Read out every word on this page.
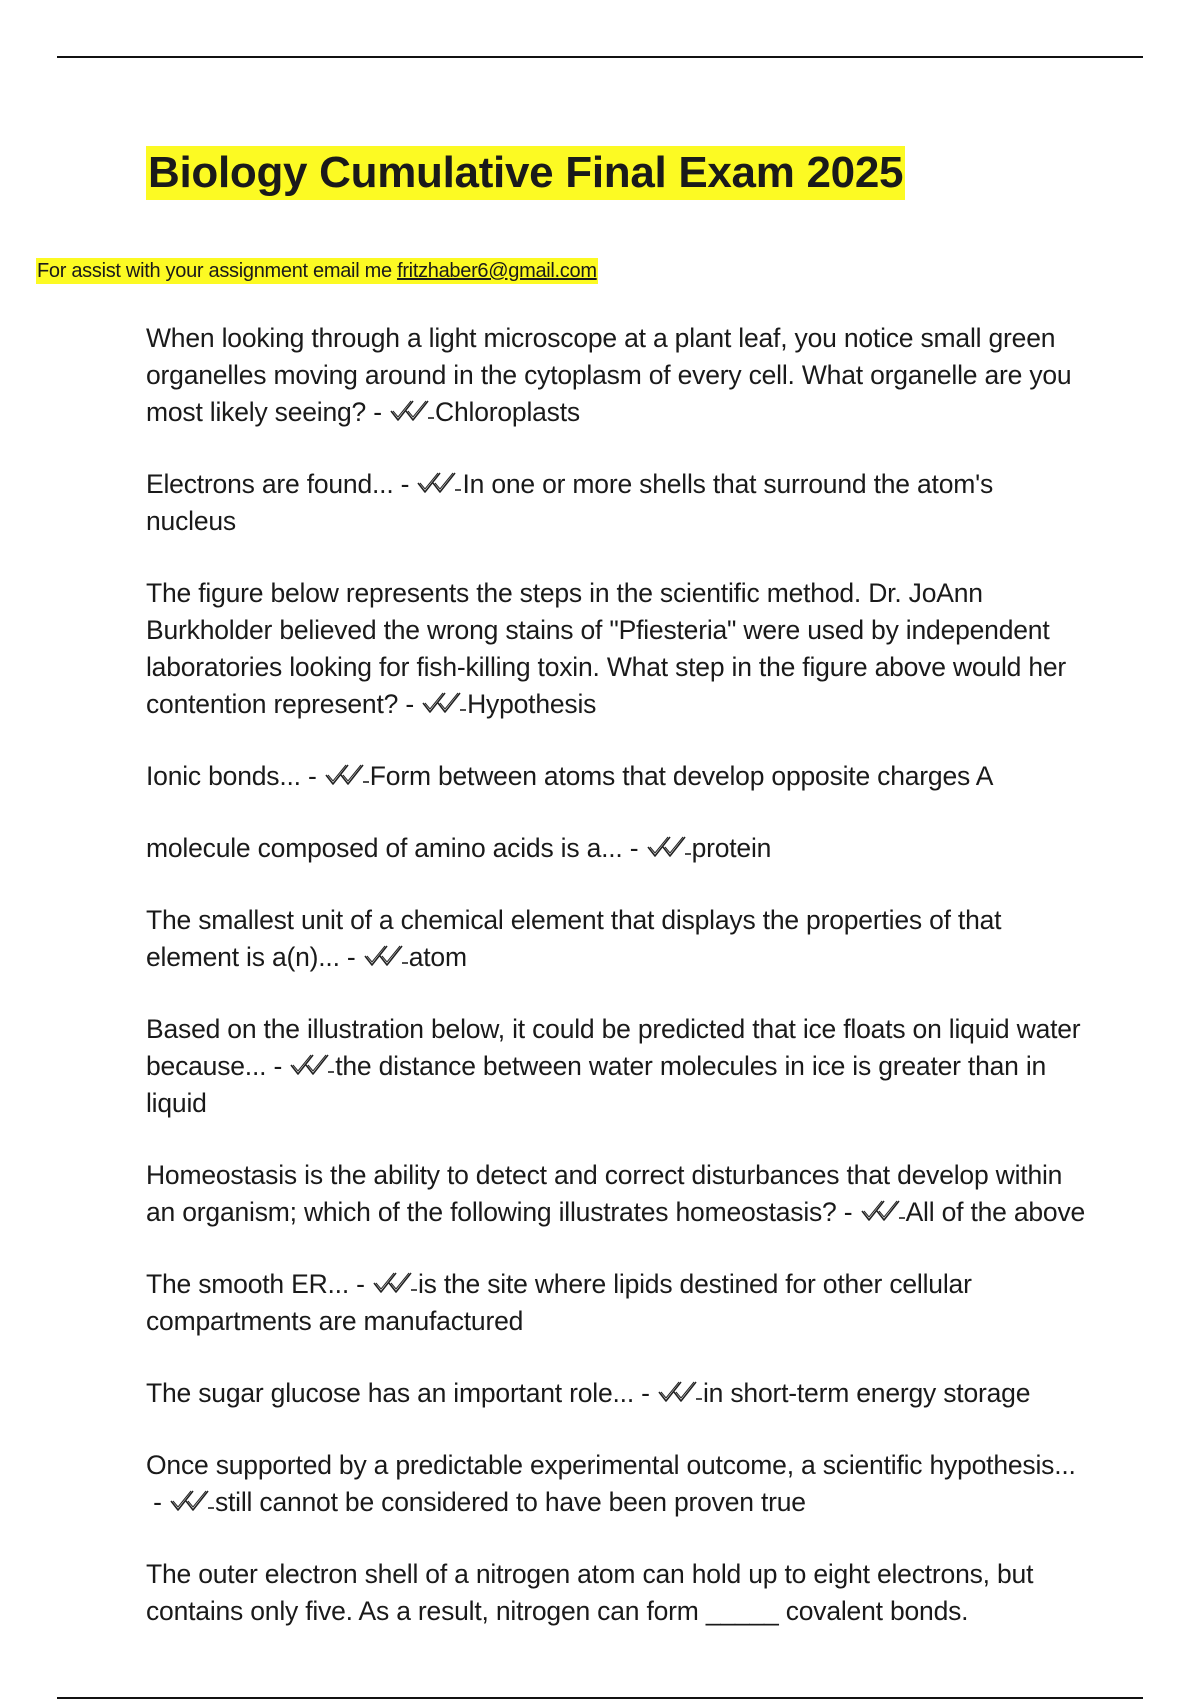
Biology Cumulative Final Exam 2025
For assist with your assignment email me fritzhaber6@gmail.com
When looking through a light microscope at a plant leaf, you notice small green organelles moving around in the cytoplasm of every cell. What organelle are you most likely seeing? -
Chloroplasts
Electrons are found... -
In one or more shells that surround the atom's nucleus
The figure below represents the steps in the scientific method. Dr. JoAnn Burkholder believed the wrong stains of "Pfiesteria" were used by independent laboratories looking for fish-killing toxin. What step in the figure above would her contention represent? -
Hypothesis
Ionic bonds... -
Form between atoms that develop opposite charges A
molecule composed of amino acids is a... -
protein
The smallest unit of a chemical element that displays the properties of that element is a(n)... -
atom
Based on the illustration below, it could be predicted that ice floats on liquid water because... -
the distance between water molecules in ice is greater than in liquid
Homeostasis is the ability to detect and correct disturbances that develop within an organism; which of the following illustrates homeostasis? -
All of the above
The smooth ER... -
is the site where lipids destined for other cellular compartments are manufactured
The sugar glucose has an important role... -
in short-term energy storage
Once supported by a predictable experimental outcome, a scientific hypothesis... -
still cannot be considered to have been proven true
The outer electron shell of a nitrogen atom can hold up to eight electrons, but contains only five. As a result, nitrogen can form _____ covalent bonds.
